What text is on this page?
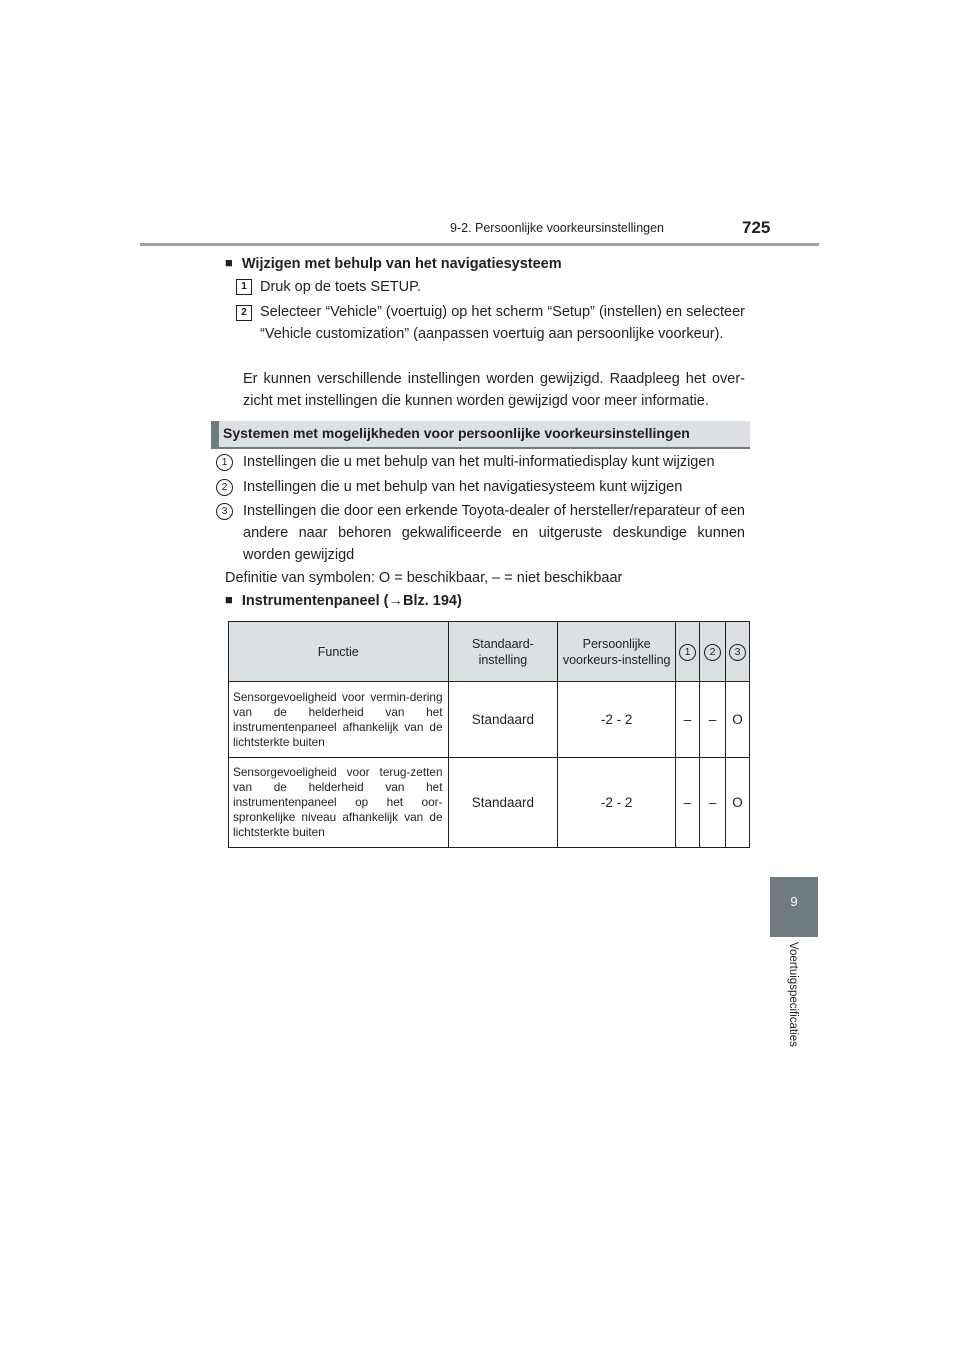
9-2. Persoonlijke voorkeursinstellingen	725
■ Wijzigen met behulp van het navigatiesysteem
1 Druk op de toets SETUP.
2 Selecteer “Vehicle” (voertuig) op het scherm “Setup” (instellen) en selecteer “Vehicle customization” (aanpassen voertuig aan persoonlijke voorkeur).
Er kunnen verschillende instellingen worden gewijzigd. Raadpleeg het over-zicht met instellingen die kunnen worden gewijzigd voor meer informatie.
Systemen met mogelijkheden voor persoonlijke voorkeursinstellingen
1	Instellingen die u met behulp van het multi-informatiedisplay kunt wijzigen
2	Instellingen die u met behulp van het navigatiesysteem kunt wijzigen
3	Instellingen die door een erkende Toyota-dealer of hersteller/reparateur of een andere naar behoren gekwalificeerde en uitgeruste deskundige kunnen worden gewijzigd
Definitie van symbolen: O = beschikbaar, – = niet beschikbaar
■ Instrumentenpaneel (→Blz. 194)
Functie	Standaard-instelling	Persoonlijke voorkeurs-instelling	1	2	3
Sensorgevoeligheid voor vermin-dering van de helderheid van het instrumentenpaneel afhankelijk van de lichtsterkte buiten	Standaard	-2 - 2	–	–	O
Sensorgevoeligheid voor terug-zetten van de helderheid van het instrumentenpaneel op het oor-spronkelijke niveau afhankelijk van de lichtsterkte buiten	Standaard	-2 - 2	–	–	O
9
Voertuigspecificaties
